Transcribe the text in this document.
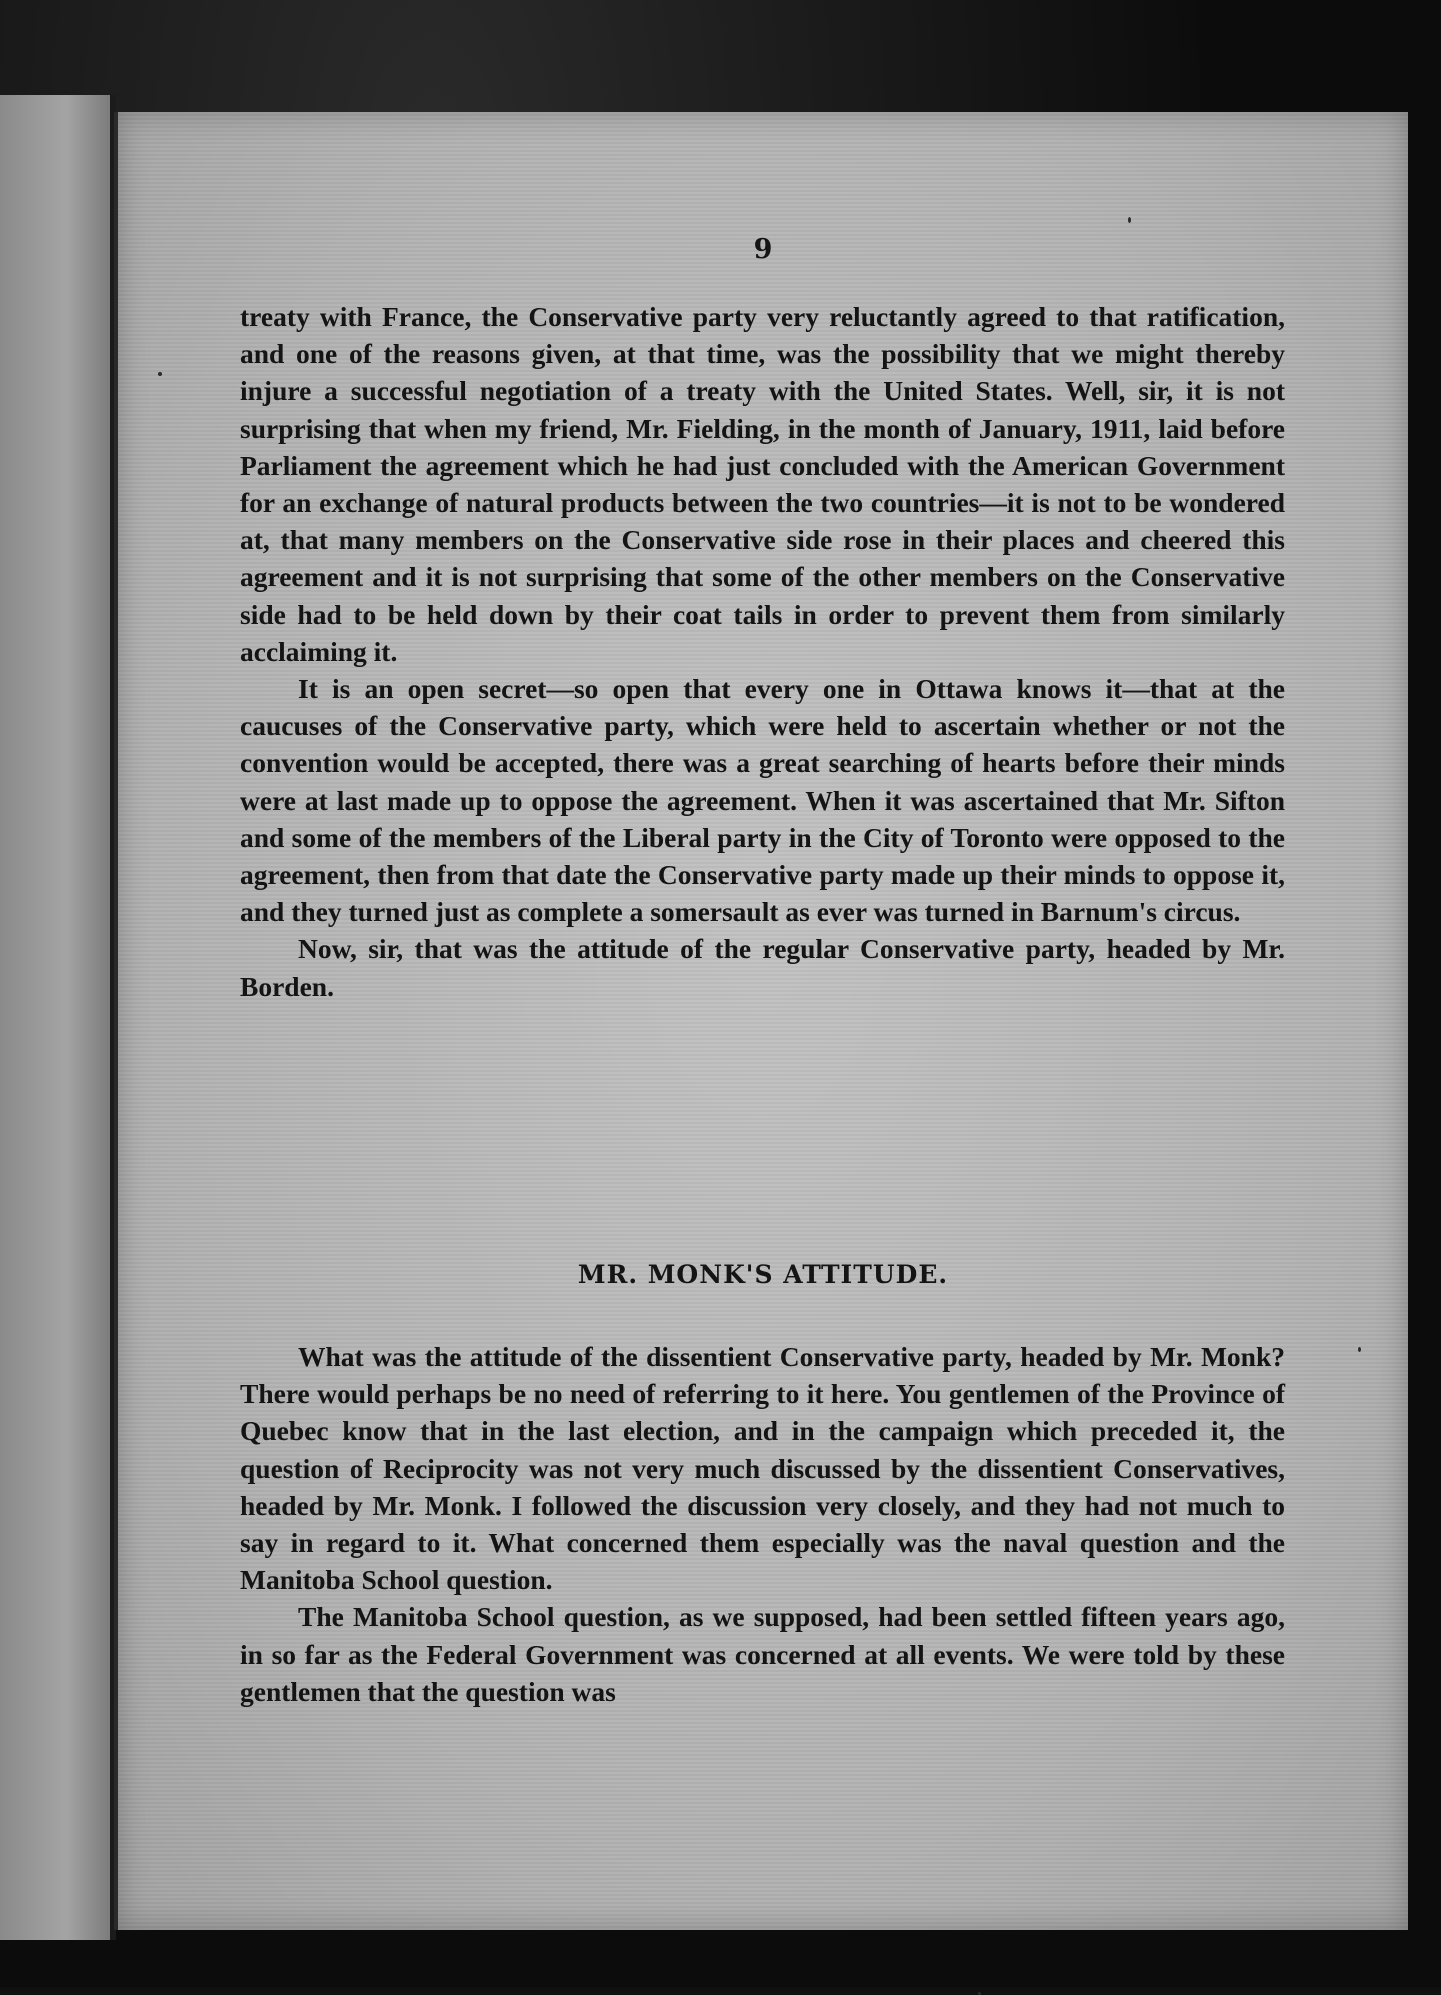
9

treaty with France, the Conservative party very reluctantly agreed to that ratification, and one of the reasons given, at that time, was the possibility that we might thereby injure a successful negotiation of a treaty with the United States. Well, sir, it is not surprising that when my friend, Mr. Fielding, in the month of January, 1911, laid before Parliament the agreement which he had just concluded with the American Government for an exchange of natural products between the two countries—it is not to be wondered at, that many members on the Conservative side rose in their places and cheered this agreement and it is not surprising that some of the other members on the Conservative side had to be held down by their coat tails in order to prevent them from similarly acclaiming it.

It is an open secret—so open that every one in Ottawa knows it—that at the caucuses of the Conservative party, which were held to ascertain whether or not the convention would be accepted, there was a great searching of hearts before their minds were at last made up to oppose the agreement. When it was ascertained that Mr. Sifton and some of the members of the Liberal party in the City of Toronto were opposed to the agreement, then from that date the Conservative party made up their minds to oppose it, and they turned just as complete a somersault as ever was turned in Barnum's circus.

Now, sir, that was the attitude of the regular Conservative party, headed by Mr. Borden.

MR. MONK'S ATTITUDE.

What was the attitude of the dissentient Conservative party, headed by Mr. Monk? There would perhaps be no need of referring to it here. You gentlemen of the Province of Quebec know that in the last election, and in the campaign which preceded it, the question of Reciprocity was not very much discussed by the dissentient Conservatives, headed by Mr. Monk. I followed the discussion very closely, and they had not much to say in regard to it. What concerned them especially was the naval question and the Manitoba School question.

The Manitoba School question, as we supposed, had been settled fifteen years ago, in so far as the Federal Government was concerned at all events. We were told by these gentlemen that the question was
